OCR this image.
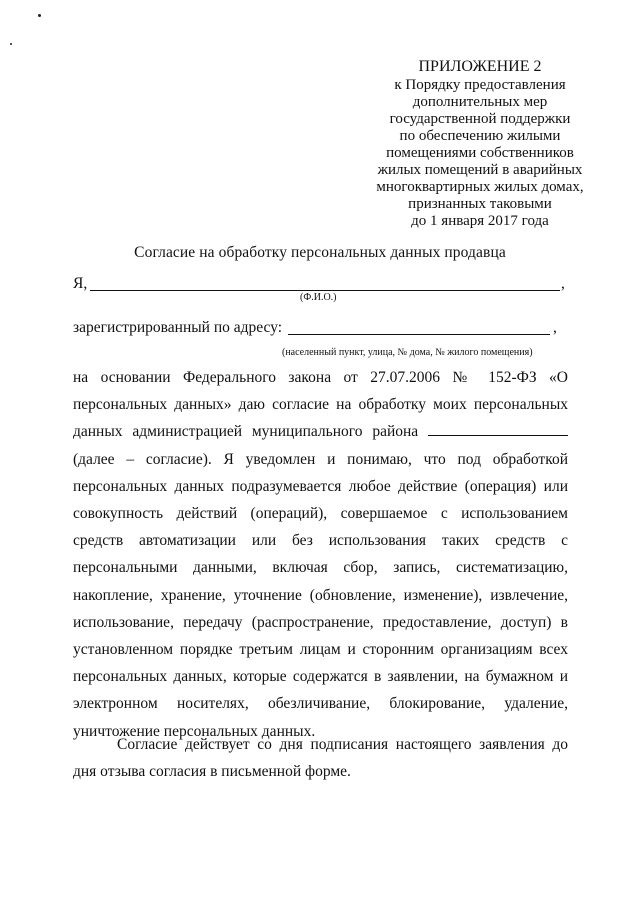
ПРИЛОЖЕНИЕ 2
к Порядку предоставления
дополнительных мер
государственной поддержки
по обеспечению жилыми
помещениями собственников
жилых помещений в аварийных
многоквартирных жилых домах,
признанных таковыми
до 1 января 2017 года
Согласие на обработку персональных данных продавца
Я,	,
(Ф.И.О.)
зарегистрированный по адресу:	,
(населенный пункт, улица, № дома, № жилого помещения)

на основании Федерального закона от 27.07.2006 № 152-ФЗ «О персональных данных» даю согласие на обработку моих персональных данных администрацией муниципального района  (далее – согласие). Я уведомлен и понимаю, что под обработкой персональных данных подразумевается любое действие (операция) или совокупность действий (операций), совершаемое с использованием средств автоматизации или без использования таких средств с персональными данными, включая сбор, запись, систематизацию, накопление, хранение, уточнение (обновление, изменение), извлечение, использование, передачу (распространение, предоставление, доступ) в установленном порядке третьим лицам и сторонним организациям всех персональных данных, которые содержатся в заявлении, на бумажном и электронном носителях, обезличивание, блокирование, удаление, уничтожение персональных данных.

Согласие действует со дня подписания настоящего заявления до дня отзыва согласия в письменной форме.
